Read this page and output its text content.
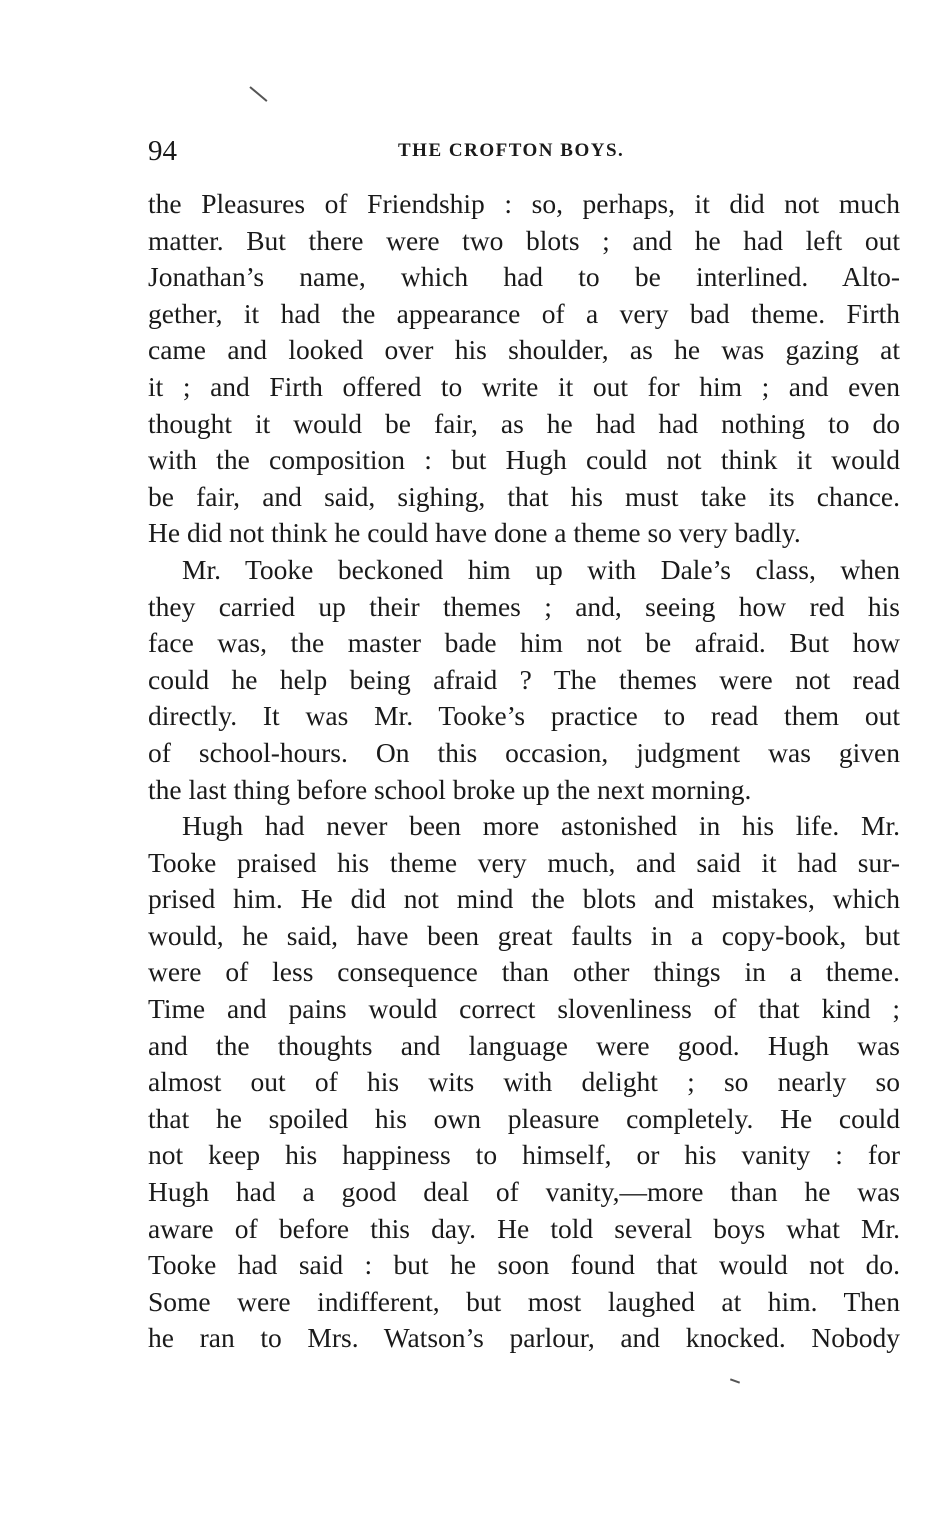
94	THE CROFTON BOYS.
the Pleasures of Friendship : so, perhaps, it did not much
matter. But there were two blots ; and he had left out
Jonathan’s name, which had to be interlined. Alto-
gether, it had the appearance of a very bad theme. Firth
came and looked over his shoulder, as he was gazing at
it ; and Firth offered to write it out for him ; and even
thought it would be fair, as he had had nothing to do
with the composition : but Hugh could not think it would
be fair, and said, sighing, that his must take its chance.
He did not think he could have done a theme so very badly.
Mr. Tooke beckoned him up with Dale’s class, when
they carried up their themes ; and, seeing how red his
face was, the master bade him not be afraid. But how
could he help being afraid ? The themes were not read
directly. It was Mr. Tooke’s practice to read them out
of school-hours. On this occasion, judgment was given
the last thing before school broke up the next morning.
Hugh had never been more astonished in his life. Mr.
Tooke praised his theme very much, and said it had sur-
prised him. He did not mind the blots and mistakes, which
would, he said, have been great faults in a copy-book, but
were of less consequence than other things in a theme.
Time and pains would correct slovenliness of that kind ;
and the thoughts and language were good. Hugh was
almost out of his wits with delight ; so nearly so
that he spoiled his own pleasure completely. He could
not keep his happiness to himself, or his vanity : for
Hugh had a good deal of vanity,—more than he was
aware of before this day. He told several boys what Mr.
Tooke had said : but he soon found that would not do.
Some were indifferent, but most laughed at him. Then
he ran to Mrs. Watson’s parlour, and knocked. Nobody
